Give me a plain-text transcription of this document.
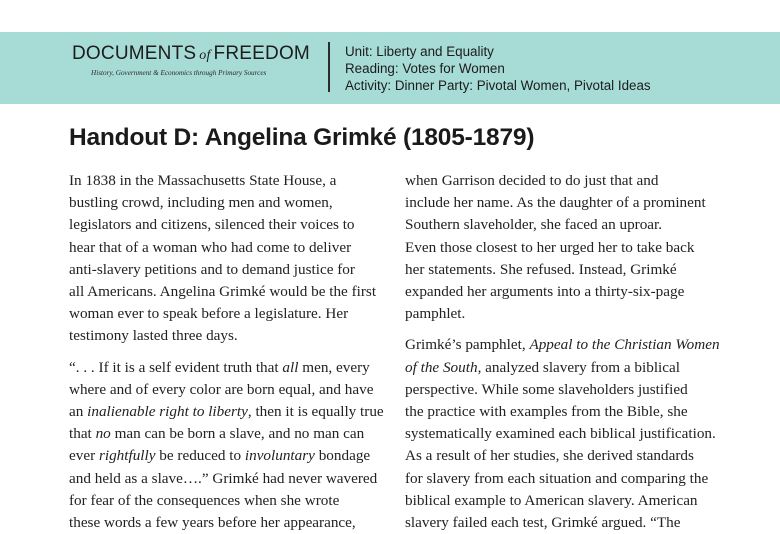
DOCUMENTS of FREEDOM
History, Government & Economics through Primary Sources
Unit: Liberty and Equality
Reading: Votes for Women
Activity: Dinner Party: Pivotal Women, Pivotal Ideas
Handout D: Angelina Grimké (1805-1879)
In 1838 in the Massachusetts State House, a
bustling crowd, including men and women,
legislators and citizens, silenced their voices to
hear that of a woman who had come to deliver
anti-slavery petitions and to demand justice for
all Americans. Angelina Grimké would be the first
woman ever to speak before a legislature. Her
testimony lasted three days.
“. . . If it is a self evident truth that all men, every
where and of every color are born equal, and have
an inalienable right to liberty, then it is equally true
that no man can be born a slave, and no man can
ever rightfully be reduced to involuntary bondage
and held as a slave….” Grimké had never wavered
for fear of the consequences when she wrote
these words a few years before her appearance,
when Garrison decided to do just that and
include her name. As the daughter of a prominent
Southern slaveholder, she faced an uproar.
Even those closest to her urged her to take back
her statements. She refused. Instead, Grimké
expanded her arguments into a thirty-six-page
pamphlet.
Grimké’s pamphlet, Appeal to the Christian Women
of the South, analyzed slavery from a biblical
perspective. While some slaveholders justified
the practice with examples from the Bible, she
systematically examined each biblical justification.
As a result of her studies, she derived standards
for slavery from each situation and comparing the
biblical example to American slavery. American
slavery failed each test, Grimké argued. “The
